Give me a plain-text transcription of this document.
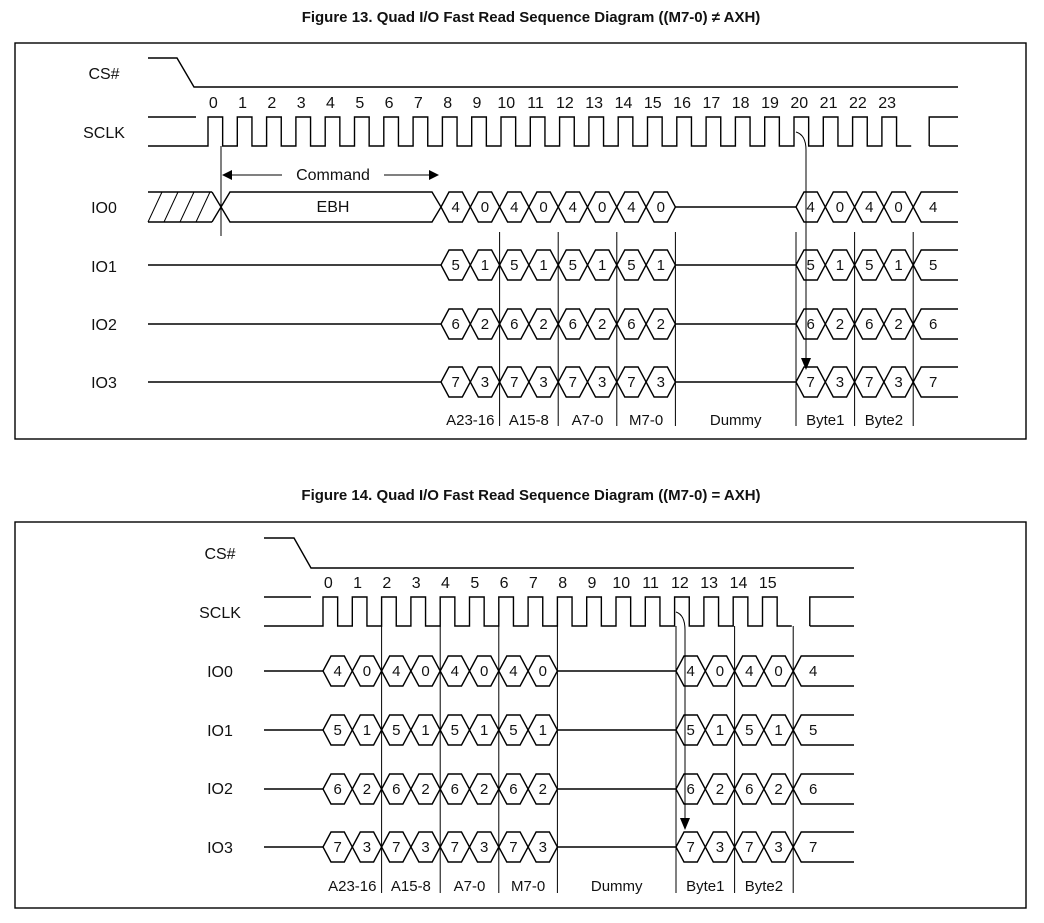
Figure 13. Quad I/O Fast Read Sequence Diagram ((M7-0) ≠ AXH)
CS#
SCLK
IO0
IO1
IO2
IO3
0 1 2 3 4 5 6 7 8 9 10 11 12 13 14 15 16 17 18 19 20 21 22 23
Command
EBH	4 0 4 0 4 0 4 0	4 0 4 0 4
5 1 5 1 5 1 5 1	5 1 5 1 5
6 2 6 2 6 2 6 2	6 2 6 2 6
7 3 7 3 7 3 7 3	7 3 7 3 7
A23-16 A15-8 A7-0 M7-0	Dummy	Byte1 Byte2
Figure 14. Quad I/O Fast Read Sequence Diagram ((M7-0) = AXH)
CS#
SCLK
IO0
IO1
IO2
IO3
0 1 2 3 4 5 6 7 8 9 10 11 12 13 14 15
4 0 4 0 4 0 4 0	4 0 4 0 4
5 1 5 1 5 1 5 1	5 1 5 1 5
6 2 6 2 6 2 6 2	6 2 6 2 6
7 3 7 3 7 3 7 3	7 3 7 3 7
A23-16 A15-8 A7-0 M7-0	Dummy	Byte1 Byte2
